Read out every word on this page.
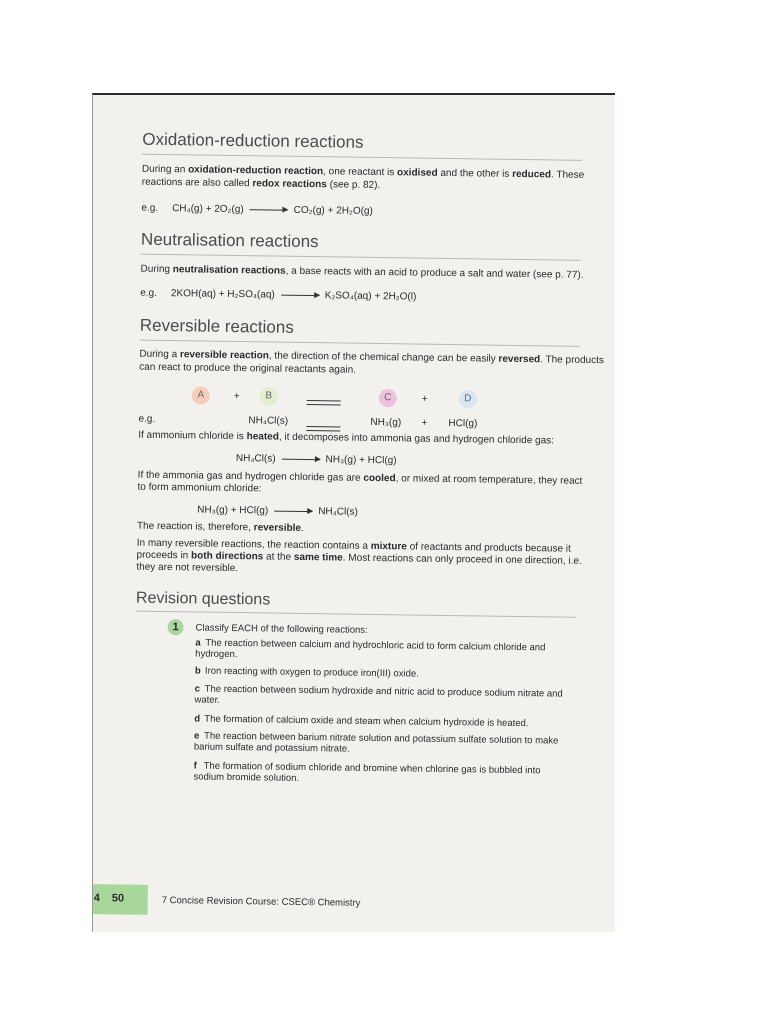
Oxidation-reduction reactions
During an oxidation-reduction reaction, one reactant is oxidised and the other is reduced. These
reactions are also called redox reactions (see p. 82).
e.g. CH₄(g) + 2O₂(g)	CO₂(g) + 2H₂O(g)
Neutralisation reactions
During neutralisation reactions, a base reacts with an acid to produce a salt and water (see p. 77).
e.g. 2KOH(aq) + H₂SO₄(aq)	K₂SO₄(aq) + 2H₂O(l)
Reversible reactions
During a reversible reaction, the direction of the chemical change can be easily reversed. The products
can react to produce the original reactants again.
A	+	B	C	+	D
e.g.	NH₄Cl(s)	NH₃(g) + HCl(g)
If ammonium chloride is heated, it decomposes into ammonia gas and hydrogen chloride gas:
NH₄Cl(s)	NH₃(g) + HCl(g)
If the ammonia gas and hydrogen chloride gas are cooled, or mixed at room temperature, they react
to form ammonium chloride:
NH₃(g) + HCl(g)	NH₄Cl(s)
The reaction is, therefore, reversible.
In many reversible reactions, the reaction contains a mixture of reactants and products because it
proceeds in both directions at the same time. Most reactions can only proceed in one direction, i.e.
they are not reversible.
Revision questions
1	Classify EACH of the following reactions:
a The reaction between calcium and hydrochloric acid to form calcium chloride and hydrogen.
b Iron reacting with oxygen to produce iron(III) oxide.
c The reaction between sodium hydroxide and nitric acid to produce sodium nitrate and water.
d The formation of calcium oxide and steam when calcium hydroxide is heated.
e The reaction between barium nitrate solution and potassium sulfate solution to make barium sulfate and potassium nitrate.
f The formation of sodium chloride and bromine when chlorine gas is bubbled into sodium bromide solution.
4 50	7 Concise Revision Course: CSEC® Chemistry
